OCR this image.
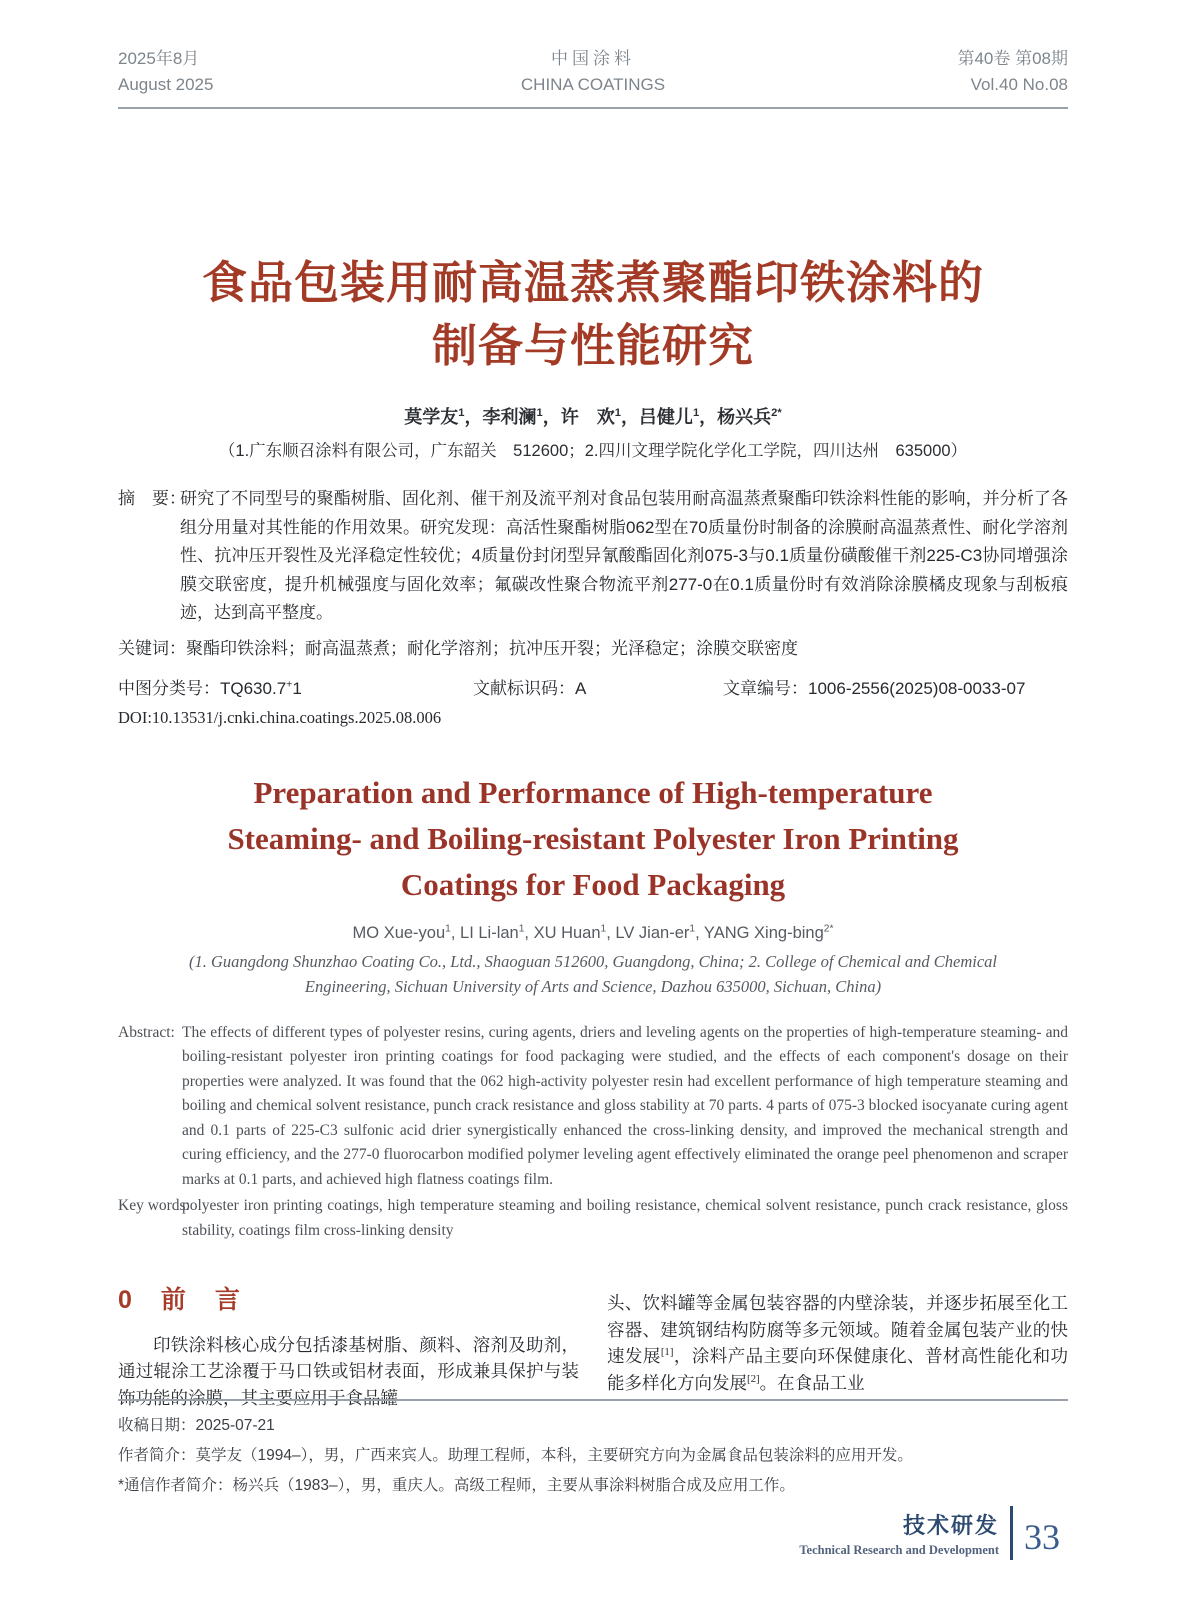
2025年8月
August 2025
中国涂料
CHINA COATINGS
第40卷 第08期
Vol.40 No.08
食品包装用耐高温蒸煮聚酯印铁涂料的
制备与性能研究
莫学友$^1$，李利澜$^1$，许　欢$^1$，吕健儿$^1$，杨兴兵$^{2*}$
（1.广东顺召涂料有限公司，广东韶关　512600；2.四川文理学院化学化工学院，四川达州　635000）
摘　要：
研究了不同型号的聚酯树脂、固化剂、催干剂及流平剂对食品包装用耐高温蒸煮聚酯印铁涂料性能的影响，并分析了各组分用量对其性能的作用效果。研究发现：高活性聚酯树脂062型在70质量份时制备的涂膜耐高温蒸煮性、耐化学溶剂性、抗冲压开裂性及光泽稳定性较优；4质量份封闭型异氰酸酯固化剂075-3与0.1质量份磺酸催干剂225-C3协同增强涂膜交联密度，提升机械强度与固化效率；氟碳改性聚合物流平剂277-0在0.1质量份时有效消除涂膜橘皮现象与刮板痕迹，达到高平整度。
关键词：聚酯印铁涂料；耐高温蒸煮；耐化学溶剂；抗冲压开裂；光泽稳定；涂膜交联密度
中图分类号：TQ630.7+1	文献标识码：A	文章编号：1006-2556(2025)08-0033-07
DOI:10.13531/j.cnki.china.coatings.2025.08.006
Preparation and Performance of High-temperature
Steaming- and Boiling-resistant Polyester Iron Printing
Coatings for Food Packaging
MO Xue-you$^1$, LI Li-lan$^1$, XU Huan$^1$, LV Jian-$er^1$, YANG Xing-bing$^{2*}$
(1. Guangdong Shunzhao Coating Co., Ltd., Shaoguan 512600, Guangdong, China; 2. College of Chemical and Chemical
Engineering, Sichuan University of Arts and Science, Dazhou 635000, Sichuan, China)
Abstract: The effects of different types of polyester resins, curing agents, driers and leveling agents on the properties of high-temperature steaming- and boiling-resistant polyester iron printing coatings for food packaging were studied, and the effects of each component's dosage on their properties were analyzed. It was found that the 062 high-activity polyester resin had excellent performance of high temperature steaming and boiling and chemical solvent resistance, punch crack resistance and gloss stability at 70 parts. 4 parts of 075-3 blocked isocyanate curing agent and 0.1 parts of 225-C3 sulfonic acid drier synergistically enhanced the cross-linking density, and improved the mechanical strength and curing efficiency, and the 277-0 fluorocarbon modified polymer leveling agent effectively eliminated the orange peel phenomenon and scraper marks at 0.1 parts, and achieved high flatness coatings film.
Key words:
polyester iron printing coatings, high temperature steaming and boiling resistance, chemical solvent resistance, punch crack resistance, gloss stability, coatings film cross-linking density
0　前　言
印铁涂料核心成分包括漆基树脂、颜料、溶剂及助剂，通过辊涂工艺涂覆于马口铁或铝材表面，形成兼具保护与装饰功能的涂膜，其主要应用于食品罐
头、饮料罐等金属包装容器的内壁涂装，并逐步拓展至化工容器、建筑钢结构防腐等多元领域。随着金属包装产业的快速发展[1]，涂料产品主要向环保健康化、普材高性能化和功能多样化方向发展[2]。在食品工业
收稿日期：2025-07-21
作者简介：莫学友（1994–），男，广西来宾人。助理工程师，本科，主要研究方向为金属食品包装涂料的应用开发。
*通信作者简介：杨兴兵（1983–），男，重庆人。高级工程师，主要从事涂料树脂合成及应用工作。
技术研发
Technical Research and Development 33
